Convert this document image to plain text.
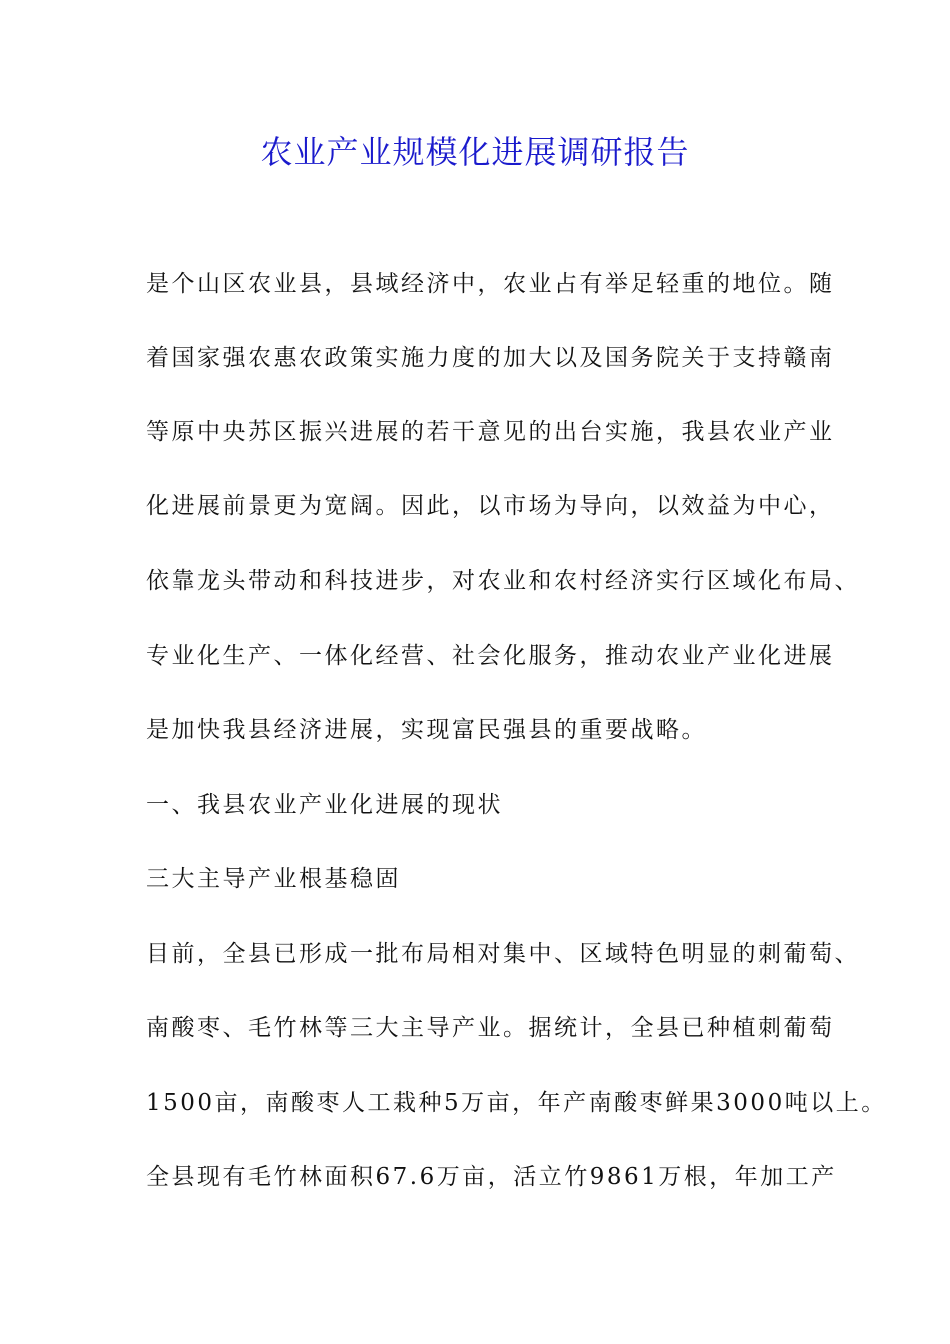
农业产业规模化进展调研报告
是个山区农业县，县域经济中，农业占有举足轻重的地位。随
着国家强农惠农政策实施力度的加大以及国务院关于支持赣南
等原中央苏区振兴进展的若干意见的出台实施，我县农业产业
化进展前景更为宽阔。因此，以市场为导向，以效益为中心，
依靠龙头带动和科技进步，对农业和农村经济实行区域化布局、
专业化生产、一体化经营、社会化服务，推动农业产业化进展
是加快我县经济进展，实现富民强县的重要战略。
一、我县农业产业化进展的现状
三大主导产业根基稳固
目前，全县已形成一批布局相对集中、区域特色明显的刺葡萄、
南酸枣、毛竹林等三大主导产业。据统计，全县已种植刺葡萄
1500亩，南酸枣人工栽种5万亩，年产南酸枣鲜果3000吨以上。
全县现有毛竹林面积67.6万亩，活立竹9861万根，年加工产
